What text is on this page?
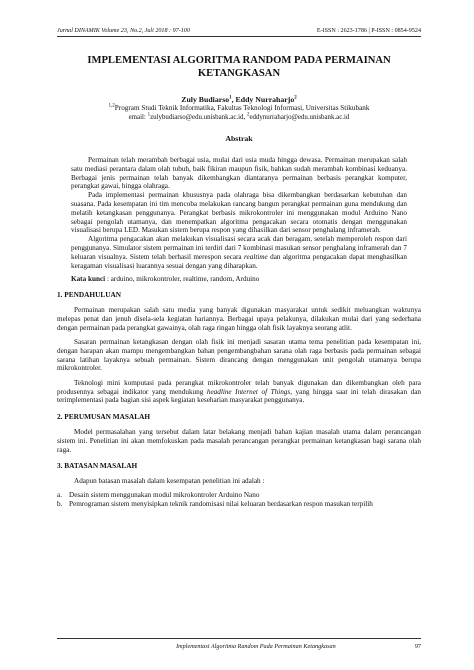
Jurnal DINAMIK Volume 23, No.2, Juli 2018 : 97-100	E-ISSN : 2623-1786 | P-ISSN : 0854-9524
IMPLEMENTASI ALGORITMA RANDOM PADA PERMAINAN
KETANGKASAN
Zuly Budiarso$^1$, Eddy Nurraharjo$^2$
$^{1,2}$Program Studi Teknik Informatika, Fakultas Teknologi Informasi, Universitas Stikubank
email: $^1$zulybudiarso@edu.unisbank.ac.id, $^2$eddynurraharjo@edu.unisbank.ac.id
Abstrak

Permainan telah merambah berbagai usia, mulai dari usia muda hingga dewasa. Permainan merupakan salah satu mediasi perantara dalam olah tubuh, baik fikiran maupun fisik, bahkan sudah merambah kombinasi keduanya. Berbagai jenis permainan telah banyak dikembangkan diantaranya permainan berbasis perangkat komputer, perangkat gawai, hingga olahraga.

Pada implementasi permainan khususnya pada olahraga bisa dikembangkan berdasarkan kebutuhan dan suasana. Pada kesempatan ini tim mencoba melakukan rancang bangun perangkat permainan guna mendukung dan melatih ketangkasan penggunanya. Perangkat berbasis mikrokontroler ini menggunakan modul Arduino Nano sebagai pengolah utamanya, dan menempatkan algoritma pengacakan secara otomatis dengan menggunakan visualisasi berupa LED. Masukan sistem berupa respon yang dihasilkan dari sensor penghalang inframerah.

Algoritma pengacakan akan melakukan visualisasi secara acak dan beragam, setelah memperoleh respon dari penggunanya. Simulator sistem permainan ini terdiri dari 7 kombinasi masukan sensor penghalang inframerah dan 7 keluaran visualnya. Sistem telah berhasil merespon secara realtime dan algoritma pengacakan dapat menghasilkan keragaman visualisasi luarannya sesuai dengan yang diharapkan.

Kata kunci : arduino, mikrokontroler, realtime, random, Arduino
1. PENDAHULUAN

Permainan merupakan salah satu media yang banyak digunakan masyarakat untuk sedikit meluangkan waktunya melepas penat dan jenuh disela-sela kegiatan hariannya. Berbagai upaya pelakunya, dilakukan mulai dari yang sederhana dengan permainan pada perangkat gawainya, olah raga ringan hingga olah fisik layaknya seorang atlit.

Sasaran permainan ketangkasan dengan olah fisik ini menjadi sasaran utama tema penelitian pada kesempatan ini, dengan harapan akan mampu mengembangkan bahan pengembangbahan sarana olah raga berbasis pada permainan sebagai sarana latihan layaknya sebuah permainan. Sistem dirancang dengan menggunakan unit pengolah utamanya berupa mikrokontroler.

Teknologi mini komputasi pada perangkat mikrokontroler telah banyak digunakan dan dikembangkan oleh para produsennya sebagai indikator yang mendukung headline Internet of Things, yang hingga saat ini telah dirasakan dan terimplementasi pada bagian sisi aspek kegiatan keseharian masyarakat penggunanya.

2. PERUMUSAN MASALAH

Model permasalahan yang tersebut dalam latar belakang menjadi bahan kajian masalah utama dalam perancangan sistem ini. Penelitian ini akan memfokuskan pada masalah perancangan perangkat permainan ketangkasan bagi sarana olah raga.

3. BATASAN MASALAH

Adapun batasan masalah dalam kesempatan penelitian ini adalah :

a. Desain sistem menggunakan modul mikrokontroler Arduino Nano
b. Pemrograman sistem menyisipkan teknik randomisasi nilai keluaran berdasarkan respon masukan terpilih
Implementasi Algoritma Random Pada Permainan Ketangkasan	97
